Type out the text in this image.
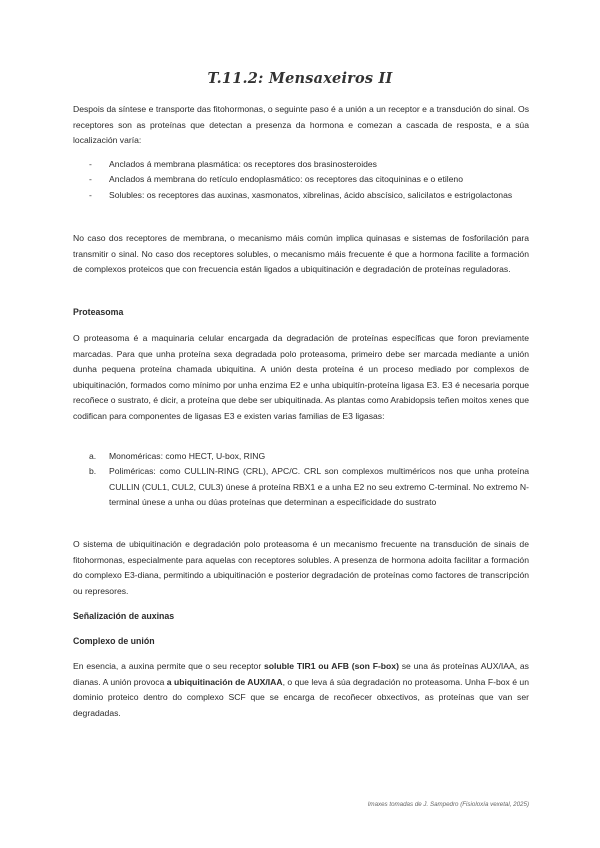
T.11.2: Mensaxeiros II

Despois da síntese e transporte das fitohormonas, o seguinte paso é a unión a un receptor e a transdución do sinal. Os receptores son as proteínas que detectan a presenza da hormona e comezan a cascada de resposta, e a súa localización varía:

- Anclados á membrana plasmática: os receptores dos brasinosteroides
- Anclados á membrana do retículo endoplasmático: os receptores das citoquininas e o etileno
- Solubles: os receptores das auxinas, xasmonatos, xibrelinas, ácido abscísico, salicilatos e estrigolactonas

No caso dos receptores de membrana, o mecanismo máis común implica quinasas e sistemas de fosforilación para transmitir o sinal. No caso dos receptores solubles, o mecanismo máis frecuente é que a hormona facilite a formación de complexos proteicos que con frecuencia están ligados a ubiquitinación e degradación de proteínas reguladoras.

Proteasoma

O proteasoma é a maquinaria celular encargada da degradación de proteínas específicas que foron previamente marcadas. Para que unha proteína sexa degradada polo proteasoma, primeiro debe ser marcada mediante a unión dunha pequena proteína chamada ubiquitina. A unión desta proteína é un proceso mediado por complexos de ubiquitinación, formados como mínimo por unha enzima E2 e unha ubiquitín-proteína ligasa E3. E3 é necesaria porque recoñece o sustrato, é dicir, a proteína que debe ser ubiquitinada. As plantas como Arabidopsis teñen moitos xenes que codifican para componentes de ligasas E3 e existen varias familias de E3 ligasas:

a. Monoméricas: como HECT, U-box, RING
b. Poliméricas: como CULLIN-RING (CRL), APC/C. CRL son complexos multiméricos nos que unha proteína CULLIN (CUL1, CUL2, CUL3) únese á proteína RBX1 e a unha E2 no seu extremo C-terminal. No extremo N-terminal únese a unha ou dúas proteínas que determinan a especificidade do sustrato

O sistema de ubiquitinación e degradación polo proteasoma é un mecanismo frecuente na transdución de sinais de fitohormonas, especialmente para aquelas con receptores solubles. A presenza de hormona adoita facilitar a formación do complexo E3-diana, permitindo a ubiquitinación e posterior degradación de proteínas como factores de transcripción ou represores.

Señalización de auxinas
Complexo de unión

En esencia, a auxina permite que o seu receptor soluble TIR1 ou AFB (son F-box) se una ás proteínas AUX/IAA, as dianas. A unión provoca a ubiquitinación de AUX/IAA, o que leva á súa degradación no proteasoma. Unha F-box é un dominio proteico dentro do complexo SCF que se encarga de recoñecer obxectivos, as proteínas que van ser degradadas.

Imaxes tomadas de J. Sampedro (Fisioloxía vexetal, 2025)
